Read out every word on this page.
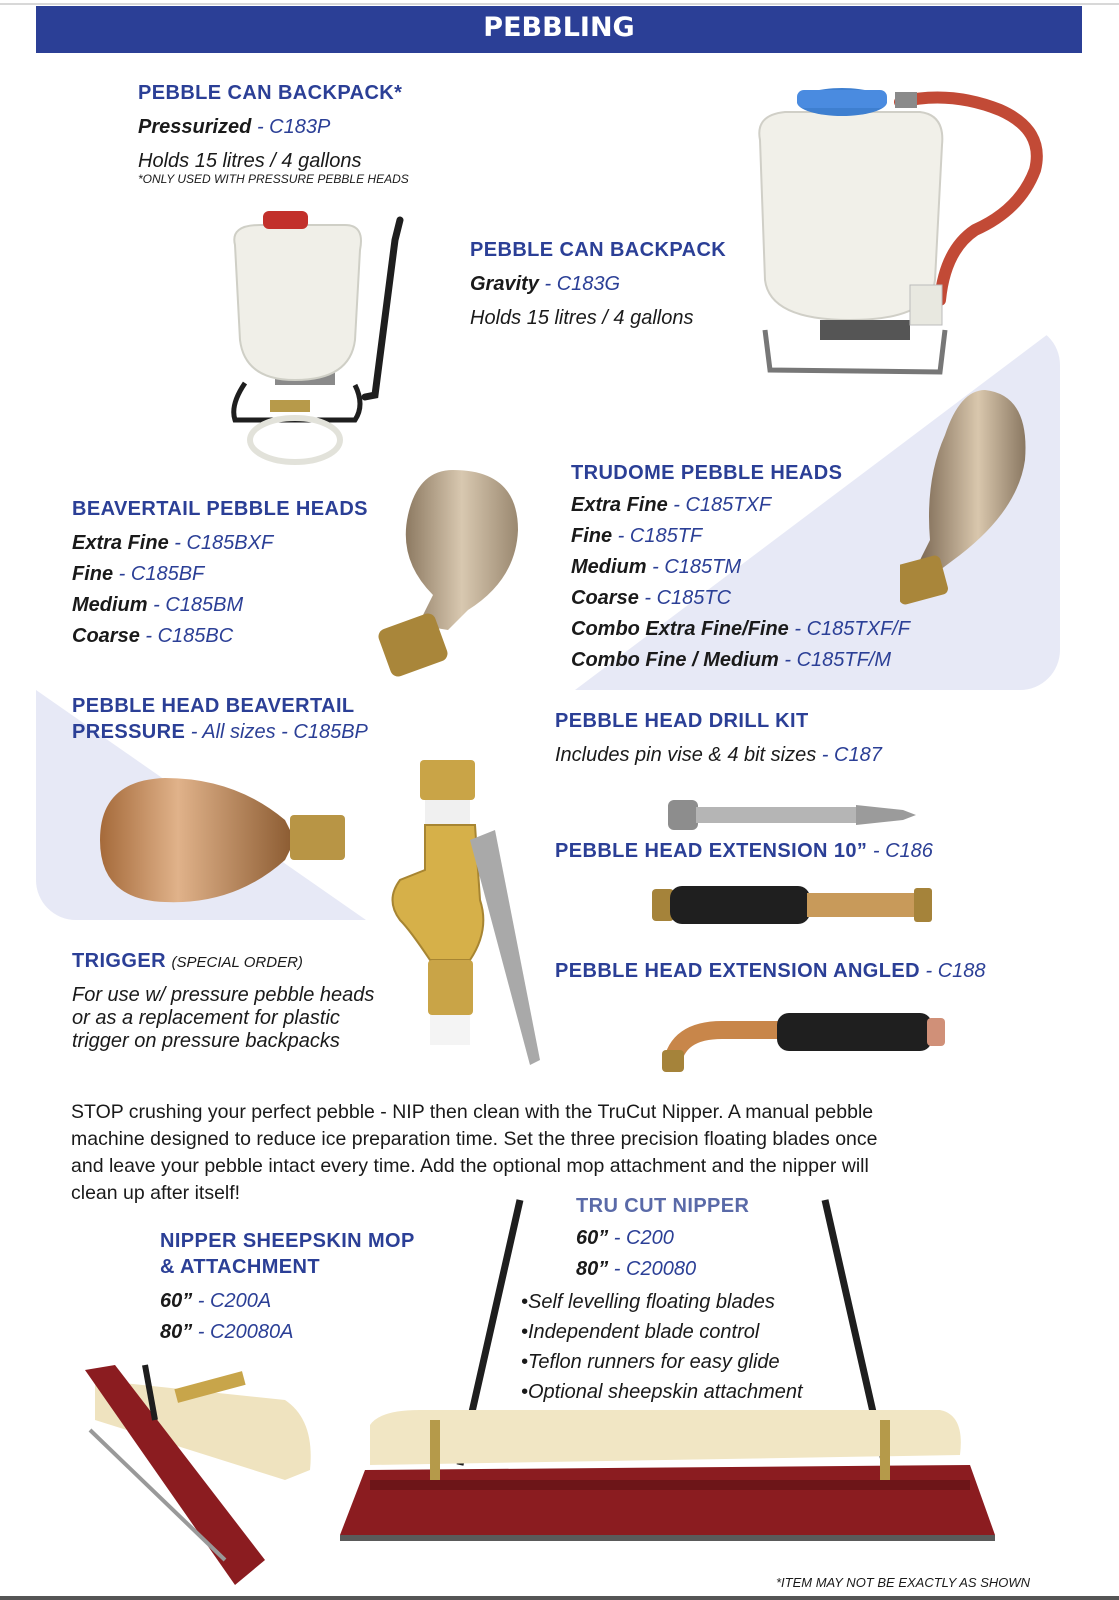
PEBBLING
PEBBLE CAN BACKPACK*
Pressurized - C183P
Holds 15 litres / 4 gallons
*ONLY USED WITH PRESSURE PEBBLE HEADS
PEBBLE CAN BACKPACK
Gravity - C183G
Holds 15 litres / 4 gallons
BEAVERTAIL PEBBLE HEADS
Extra Fine - C185BXF
Fine - C185BF
Medium - C185BM
Coarse - C185BC
TRUDOME PEBBLE HEADS
Extra Fine - C185TXF
Fine - C185TF
Medium - C185TM
Coarse - C185TC
Combo Extra Fine/Fine - C185TXF/F
Combo Fine / Medium - C185TF/M
PEBBLE HEAD BEAVERTAIL
PRESSURE - All sizes - C185BP
TRIGGER (SPECIAL ORDER)
For use w/ pressure pebble heads
or as a replacement for plastic
trigger on pressure backpacks
PEBBLE HEAD DRILL KIT
Includes pin vise & 4 bit sizes - C187
PEBBLE HEAD EXTENSION 10” - C186
PEBBLE HEAD EXTENSION ANGLED - C188
STOP crushing your perfect pebble - NIP then clean with the TruCut Nipper. A manual pebble
machine designed to reduce ice preparation time. Set the three precision floating blades once
and leave your pebble intact every time. Add the optional mop attachment and the nipper will
clean up after itself!
NIPPER SHEEPSKIN MOP
& ATTACHMENT
60” - C200A
80” - C20080A
TRU CUT NIPPER
60” - C200
80” - C20080
•Self levelling floating blades
•Independent blade control
•Teflon runners for easy glide
•Optional sheepskin attachment
*ITEM MAY NOT BE EXACTLY AS SHOWN
